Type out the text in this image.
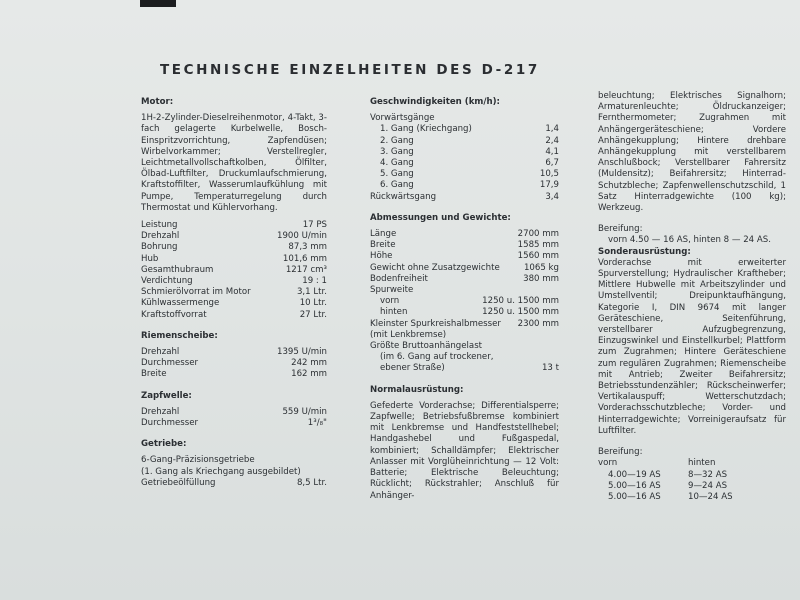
TECHNISCHE EINZELHEITEN DES D-217
Motor:
1H-2-Zylinder-Dieselreihenmotor, 4-Takt, 3-fach gelagerte Kurbelwelle, Bosch-Einspritzvorrichtung, Zapfendüsen; Wirbelvorkammer; Verstellregler, Leichtmetallvollschaftkolben, Ölfilter, Ölbad-Luftfilter, Druckumlaufschmierung, Kraftstoffilter, Wasserumlaufkühlung mit Pumpe, Temperaturregelung durch Thermostat und Kühlervorhang.
Leistung	17 PS
Drehzahl	1900 U/min
Bohrung	87,3 mm
Hub	101,6 mm
Gesamthubraum	1217 cm³
Verdichtung	19 : 1
Schmierölvorrat im Motor	3,1 Ltr.
Kühlwassermenge	10 Ltr.
Kraftstoffvorrat	27 Ltr.
Riemenscheibe:
Drehzahl	1395 U/min
Durchmesser	242 mm
Breite	162 mm
Zapfwelle:
Drehzahl	559 U/min
Durchmesser	1³/₈"
Getriebe:
6-Gang-Präzisionsgetriebe
(1. Gang als Kriechgang ausgebildet)
Getriebeölfüllung	8,5 Ltr.
Geschwindigkeiten (km/h):
Vorwärtsgänge
1. Gang (Kriechgang)	1,4
2. Gang	2,4
3. Gang	4,1
4. Gang	6,7
5. Gang	10,5
6. Gang	17,9
Rückwärtsgang	3,4
Abmessungen und Gewichte:
Länge	2700 mm
Breite	1585 mm
Höhe	1560 mm
Gewicht ohne Zusatzgewichte	1065 kg
Bodenfreiheit	380 mm
Spurweite
vorn	1250 u. 1500 mm
hinten	1250 u. 1500 mm
Kleinster Spurkreishalbmesser	2300 mm
(mit Lenkbremse)
Größte Bruttoanhängelast
(im 6. Gang auf trockener,
ebener Straße)	13 t
Normalausrüstung:
Gefederte Vorderachse; Differentialsperre; Zapfwelle; Betriebsfußbremse kombiniert mit Lenkbremse und Handfeststellhebel; Handgashebel und Fußgaspedal, kombiniert; Schalldämpfer; Elektrischer Anlasser mit Vorglüheinrichtung — 12 Volt: Batterie; Elektrische Beleuchtung; Rücklicht; Rückstrahler; Anschluß für Anhänger-
beleuchtung; Elektrisches Signalhorn; Armaturenleuchte; Öldruckanzeiger; Fernthermometer; Zugrahmen mit Anhängergeräteschiene; Vordere Anhängekupplung; Hintere drehbare Anhängekupplung mit verstellbarem Anschlußbock; Verstellbarer Fahrersitz (Muldensitz); Beifahrersitz; Hinterrad-Schutzbleche; Zapfenwellenschutzschild, 1 Satz Hinterradgewichte (100 kg); Werkzeug.
Bereifung:
vorn 4.50 — 16 AS, hinten 8 — 24 AS.
Sonderausrüstung:
Vorderachse mit erweiterter Spurverstellung; Hydraulischer Kraftheber; Mittlere Hubwelle mit Arbeitszylinder und Umstellventil; Dreipunktaufhängung, Kategorie I, DIN 9674 mit langer Geräteschiene, Seitenführung, verstellbarer Aufzugbegrenzung, Einzugswinkel und Einstellkurbel; Plattform zum Zugrahmen; Hintere Geräteschiene zum regulären Zugrahmen; Riemenscheibe mit Antrieb; Zweiter Beifahrersitz; Betriebsstundenzähler; Rückscheinwerfer; Vertikalauspuff; Wetterschutzdach; Vorderachsschutzbleche; Vorder- und Hinterradgewichte; Vorreinigeraufsatz für Luftfilter.
Bereifung:
vorn	hinten
4.00—19 AS	8—32 AS
5.00—16 AS	9—24 AS
5.00—16 AS	10—24 AS
